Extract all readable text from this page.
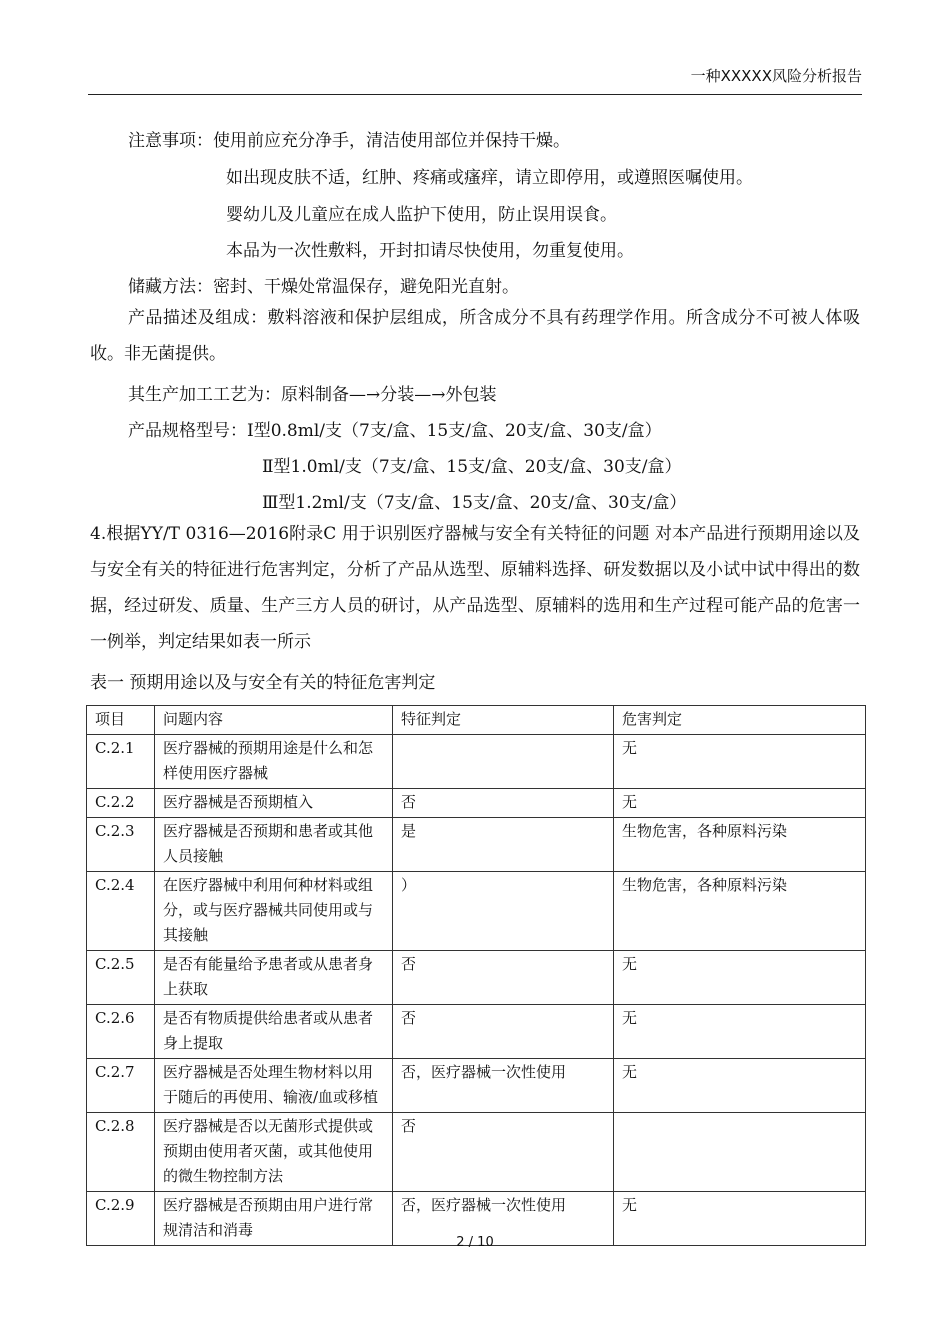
一种XXXXX风险分析报告
注意事项：使用前应充分净手，清洁使用部位并保持干燥。
如出现皮肤不适，红肿、疼痛或瘙痒，请立即停用，或遵照医嘱使用。
婴幼儿及儿童应在成人监护下使用，防止误用误食。
本品为一次性敷料，开封扣请尽快使用，勿重复使用。
储藏方法：密封、干燥处常温保存，避免阳光直射。
产品描述及组成：敷料溶液和保护层组成，所含成分不具有药理学作用。所含成分不可被人体吸收。非无菌提供。
其生产加工工艺为：原料制备—→分装—→外包装
产品规格型号：Ⅰ型0.8ml/支（7支/盒、15支/盒、20支/盒、30支/盒）
Ⅱ型1.0ml/支（7支/盒、15支/盒、20支/盒、30支/盒）
Ⅲ型1.2ml/支（7支/盒、15支/盒、20支/盒、30支/盒）
4.根据YY/T 0316—2016附录C 用于识别医疗器械与安全有关特征的问题 对本产品进行预期用途以及与安全有关的特征进行危害判定，分析了产品从选型、原辅料选择、研发数据以及小试中试中得出的数据，经过研发、质量、生产三方人员的研讨，从产品选型、原辅料的选用和生产过程可能产品的危害一一例举，判定结果如表一所示
表一 预期用途以及与安全有关的特征危害判定
项目	问题内容	特征判定	危害判定
C.2.1	医疗器械的预期用途是什么和怎样使用医疗器械		无
C.2.2	医疗器械是否预期植入	否	无
C.2.3	医疗器械是否预期和患者或其他人员接触	是	生物危害，各种原料污染
C.2.4	在医疗器械中利用何种材料或组分，或与医疗器械共同使用或与其接触	）	生物危害，各种原料污染
C.2.5	是否有能量给予患者或从患者身上获取	否	无
C.2.6	是否有物质提供给患者或从患者身上提取	否	无
C.2.7	医疗器械是否处理生物材料以用于随后的再使用、输液/血或移植	否，医疗器械一次性使用	无
C.2.8	医疗器械是否以无菌形式提供或预期由使用者灭菌，或其他使用的微生物控制方法	否	
C.2.9	医疗器械是否预期由用户进行常规清洁和消毒	否，医疗器械一次性使用	无
2 / 10
